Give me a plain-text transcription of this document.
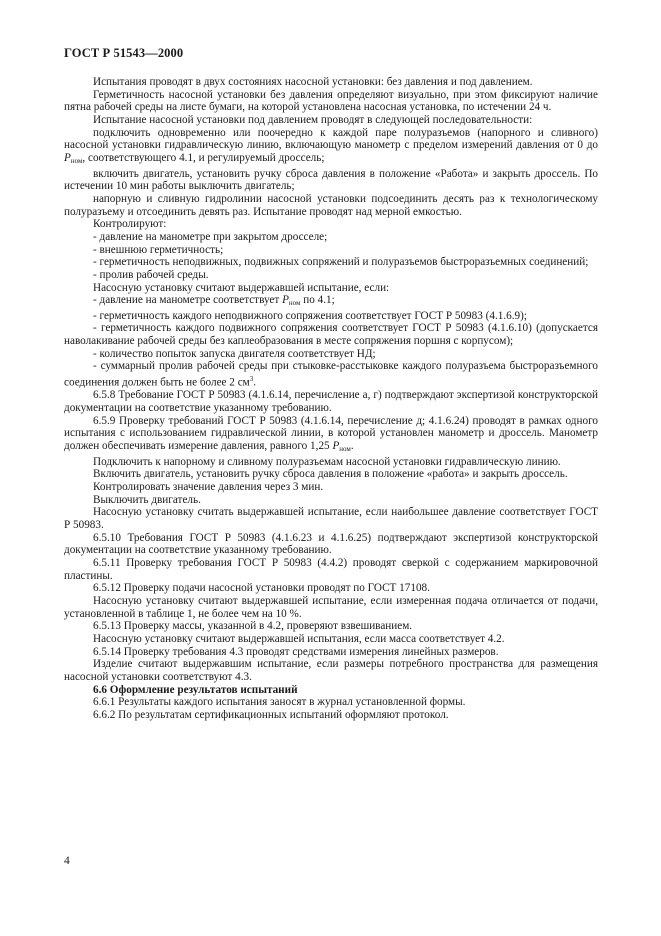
ГОСТ Р 51543—2000

Испытания проводят в двух состояниях насосной установки: без давления и под давлением.

Герметичность насосной установки без давления определяют визуально, при этом фиксируют наличие пятна рабочей среды на листе бумаги, на которой установлена насосная установка, по истечении 24 ч.

Испытание насосной установки под давлением проводят в следующей последовательности:

подключить одновременно или поочередно к каждой паре полуразъемов (напорного и сливного) насосной установки гидравлическую линию, включающую манометр с пределом измерений давления от 0 до $P_{ном}$, соответствующего 4.1, и регулируемый дроссель;

включить двигатель, установить ручку сброса давления в положение «Работа» и закрыть дроссель. По истечении 10 мин работы выключить двигатель;

напорную и сливную гидролинии насосной установки подсоединить десять раз к технологическому полуразъему и отсоединить девять раз. Испытание проводят над мерной емкостью.

Контролируют:

- давление на манометре при закрытом дросселе;

- внешнюю герметичность;

- герметичность неподвижных, подвижных сопряжений и полуразъемов быстроразъемных соединений;

- пролив рабочей среды.

Насосную установку считают выдержавшей испытание, если:

- давление на манометре соответствует $P_{ном}$ по 4.1;

- герметичность каждого неподвижного сопряжения соответствует ГОСТ Р 50983 (4.1.6.9);

- герметичность каждого подвижного сопряжения соответствует ГОСТ Р 50983 (4.1.6.10) (допускается наволакивание рабочей среды без каплеобразования в месте сопряжения поршня с корпусом);

- количество попыток запуска двигателя соответствует НД;

- суммарный пролив рабочей среды при стыковке-расстыковке каждого полуразъема быстроразъемного соединения должен быть не более 2 $см^3$.

6.5.8 Требование ГОСТ Р 50983 (4.1.6.14, перечисление а, г) подтверждают экспертизой конструкторской документации на соответствие указанному требованию.

6.5.9 Проверку требований ГОСТ Р 50983 (4.1.6.14, перечисление д; 4.1.6.24) проводят в рамках одного испытания с использованием гидравлической линии, в которой установлен манометр и дроссель. Манометр должен обеспечивать измерение давления, равного 1,25 $P_{ном}$.

Подключить к напорному и сливному полуразъемам насосной установки гидравлическую линию.

Включить двигатель, установить ручку сброса давления в положение «работа» и закрыть дроссель.

Контролировать значение давления через 3 мин.

Выключить двигатель.

Насосную установку считать выдержавшей испытание, если наибольшее давление соответствует ГОСТ Р 50983.

6.5.10 Требования ГОСТ Р 50983 (4.1.6.23 и 4.1.6.25) подтверждают экспертизой конструкторской документации на соответствие указанному требованию.

6.5.11 Проверку требования ГОСТ Р 50983 (4.4.2) проводят сверкой с содержанием маркировочной пластины.

6.5.12 Проверку подачи насосной установки проводят по ГОСТ 17108.

Насосную установку считают выдержавшей испытание, если измеренная подача отличается от подачи, установленной в таблице 1, не более чем на 10 %.

6.5.13 Проверку массы, указанной в 4.2, проверяют взвешиванием.

Насосную установку считают выдержавшей испытания, если масса соответствует 4.2.

6.5.14 Проверку требования 4.3 проводят средствами измерения линейных размеров.

Изделие считают выдержавшим испытание, если размеры потребного пространства для размещения насосной установки соответствуют 4.3.

6.6 Оформление результатов испытаний

6.6.1 Результаты каждого испытания заносят в журнал установленной формы.

6.6.2 По результатам сертификационных испытаний оформляют протокол.

4
